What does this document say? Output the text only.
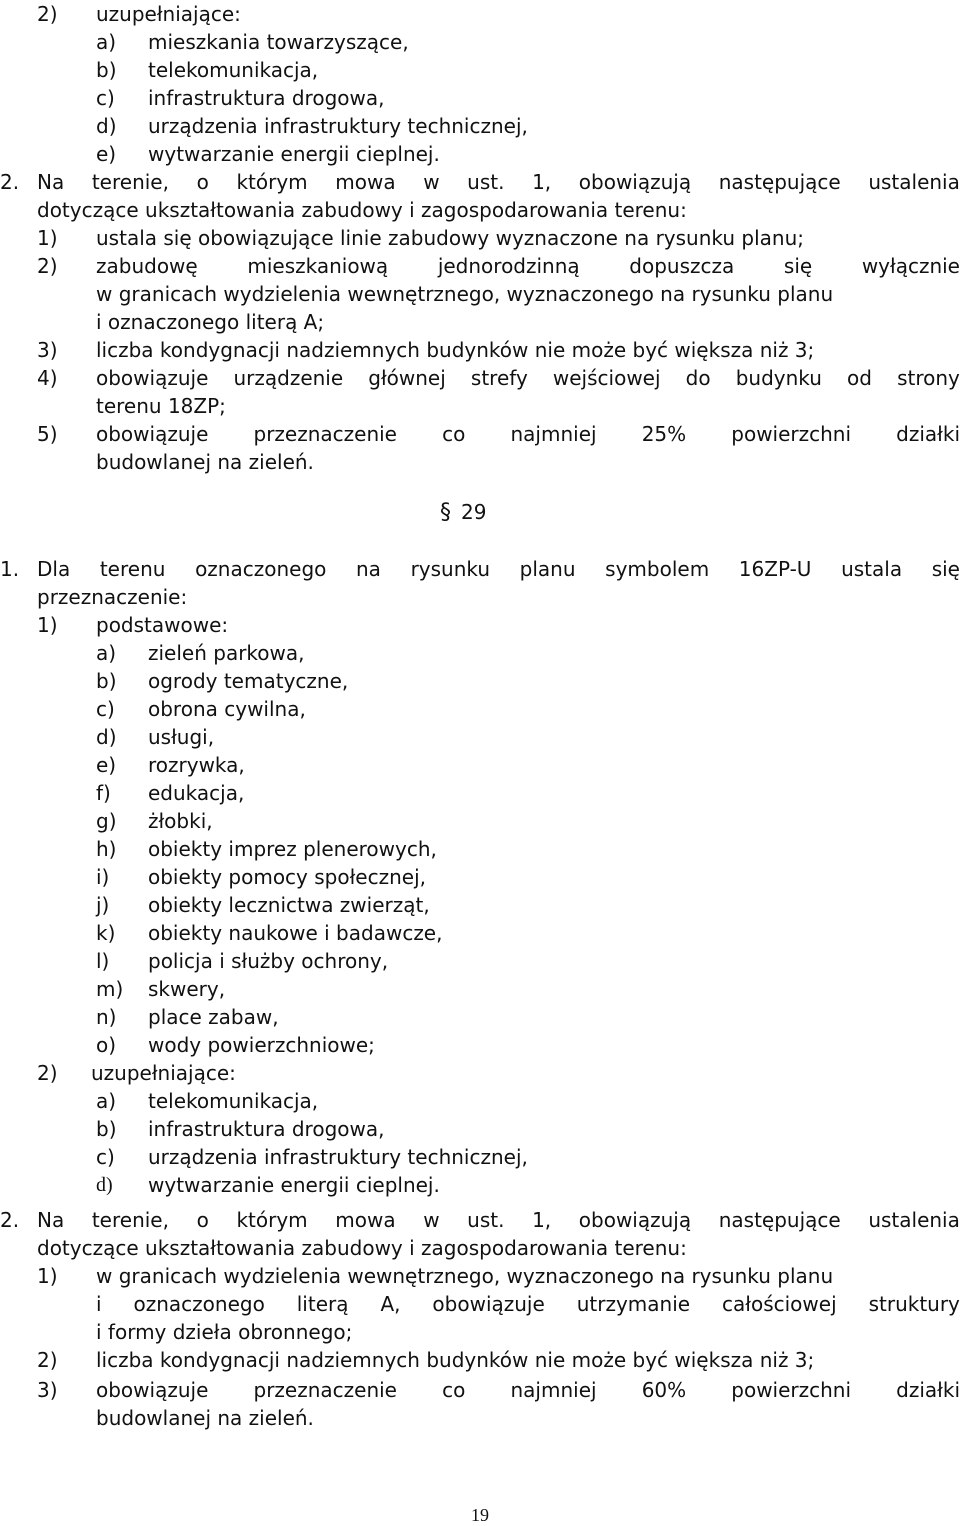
2) uzupełniające:
a) mieszkania towarzyszące,
b) telekomunikacja,
c) infrastruktura drogowa,
d) urządzenia infrastruktury technicznej,
e) wytwarzanie energii cieplnej.
2. Na terenie, o którym mowa w ust. 1, obowiązują następujące ustalenia
dotyczące ukształtowania zabudowy i zagospodarowania terenu:
1) ustala się obowiązujące linie zabudowy wyznaczone na rysunku planu;
2) zabudowę mieszkaniową jednorodzinną dopuszcza się wyłącznie
w granicach wydzielenia wewnętrznego, wyznaczonego na rysunku planu
i oznaczonego literą A;
3) liczba kondygnacji nadziemnych budynków nie może być większa niż 3;
4) obowiązuje urządzenie głównej strefy wejściowej do budynku od strony
terenu 18ZP;
5) obowiązuje przeznaczenie co najmniej 25% powierzchni działki
budowlanej na zieleń.
§ 29
1. Dla terenu oznaczonego na rysunku planu symbolem 16ZP-U ustala się
przeznaczenie:
1) podstawowe:
a) zieleń parkowa,
b) ogrody tematyczne,
c) obrona cywilna,
d) usługi,
e) rozrywka,
f) edukacja,
g) żłobki,
h) obiekty imprez plenerowych,
i) obiekty pomocy społecznej,
j) obiekty lecznictwa zwierząt,
k) obiekty naukowe i badawcze,
l) policja i służby ochrony,
m) skwery,
n) place zabaw,
o) wody powierzchniowe;
2) uzupełniające:
a) telekomunikacja,
b) infrastruktura drogowa,
c) urządzenia infrastruktury technicznej,
d) wytwarzanie energii cieplnej.
2. Na terenie, o którym mowa w ust. 1, obowiązują następujące ustalenia
dotyczące ukształtowania zabudowy i zagospodarowania terenu:
1) w granicach wydzielenia wewnętrznego, wyznaczonego na rysunku planu
i oznaczonego literą A, obowiązuje utrzymanie całościowej struktury
i formy dzieła obronnego;
2) liczba kondygnacji nadziemnych budynków nie może być większa niż 3;
3) obowiązuje przeznaczenie co najmniej 60% powierzchni działki
budowlanej na zieleń.
19
